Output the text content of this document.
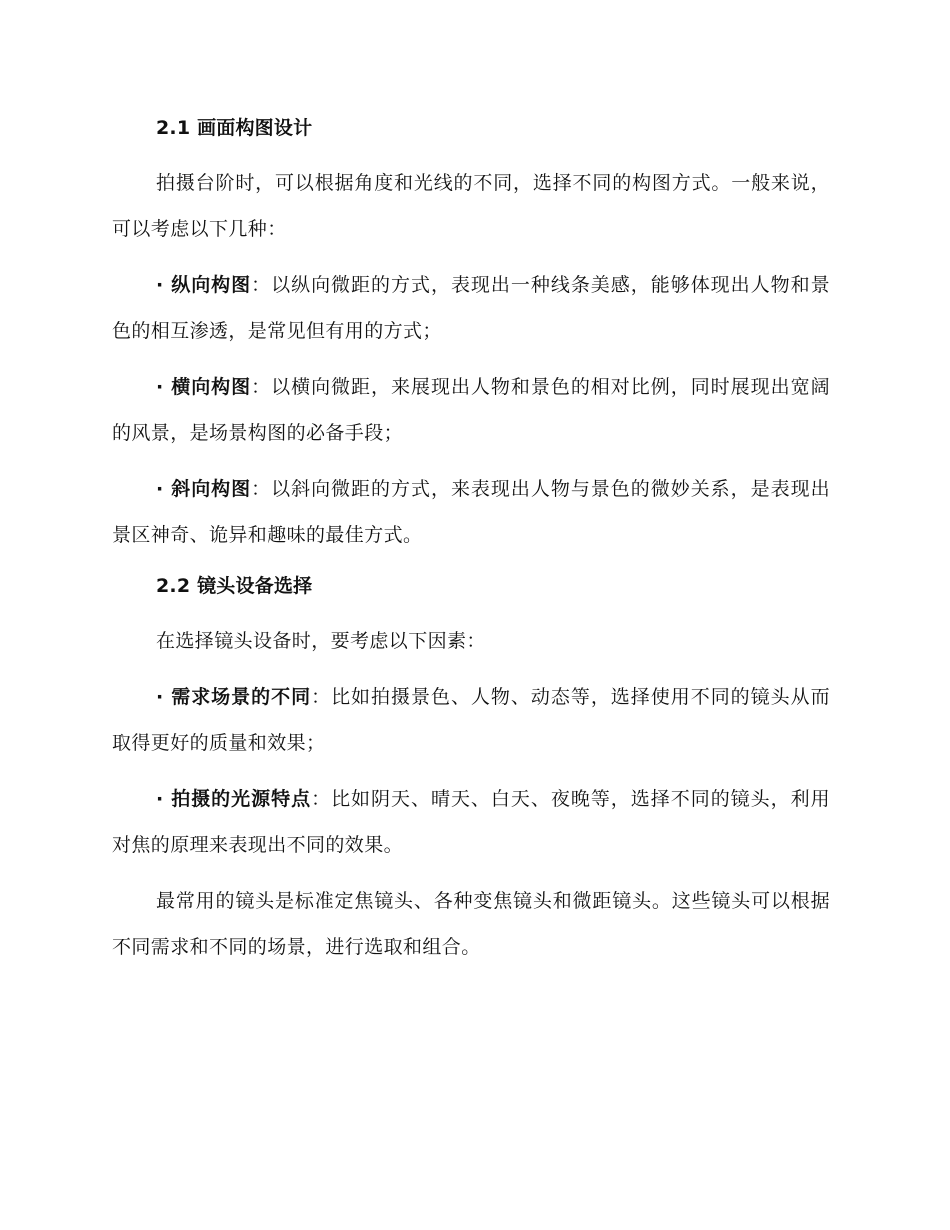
2.1 画面构图设计

拍摄台阶时，可以根据角度和光线的不同，选择不同的构图方式。一般来说，可以考虑以下几种：

· 纵向构图：以纵向微距的方式，表现出一种线条美感，能够体现出人物和景色的相互渗透，是常见但有用的方式；

· 横向构图：以横向微距，来展现出人物和景色的相对比例，同时展现出宽阔的风景，是场景构图的必备手段；

· 斜向构图：以斜向微距的方式，来表现出人物与景色的微妙关系，是表现出景区神奇、诡异和趣味的最佳方式。

2.2 镜头设备选择

在选择镜头设备时，要考虑以下因素：

· 需求场景的不同：比如拍摄景色、人物、动态等，选择使用不同的镜头从而取得更好的质量和效果；

· 拍摄的光源特点：比如阴天、晴天、白天、夜晚等，选择不同的镜头，利用对焦的原理来表现出不同的效果。

最常用的镜头是标准定焦镜头、各种变焦镜头和微距镜头。这些镜头可以根据不同需求和不同的场景，进行选取和组合。
